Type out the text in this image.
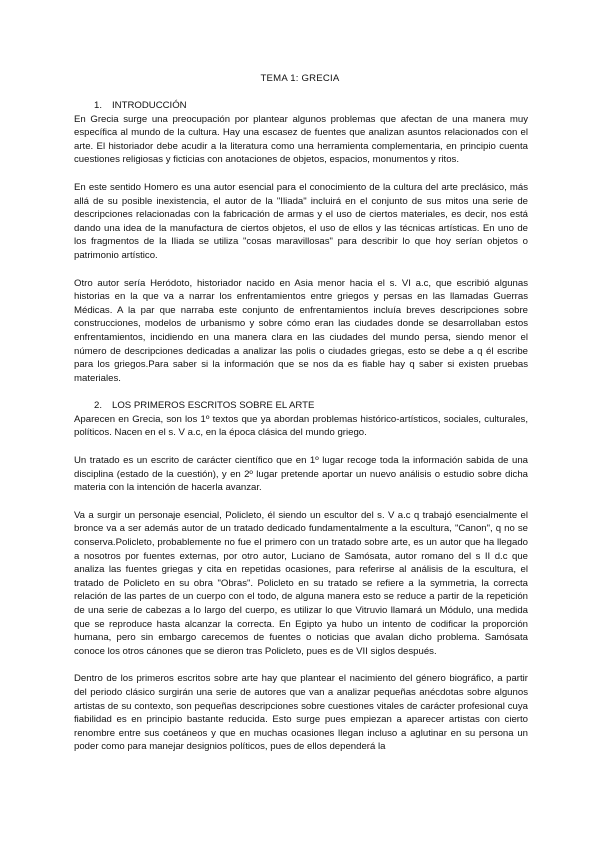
TEMA 1: GRECIA
1. INTRODUCCIÓN

En Grecia surge una preocupación por plantear algunos problemas que afectan de una manera muy específica al mundo de la cultura. Hay una escasez de fuentes que analizan asuntos relacionados con el arte. El historiador debe acudir a la literatura como una herramienta complementaria, en principio cuenta cuestiones religiosas y ficticias con anotaciones de objetos, espacios, monumentos y ritos.

En este sentido Homero es una autor esencial para el conocimiento de la cultura del arte preclásico, más allá de su posible inexistencia, el autor de la "Iliada" incluirá en el conjunto de sus mitos una serie de descripciones relacionadas con la fabricación de armas y el uso de ciertos materiales, es decir, nos está dando una idea de la manufactura de ciertos objetos, el uso de ellos y las técnicas artísticas. En uno de los fragmentos de la Iliada se utiliza "cosas maravillosas" para describir lo que hoy serían objetos o patrimonio artístico.

Otro autor sería Heródoto, historiador nacido en Asia menor hacia el s. VI a.c, que escribió algunas historias en la que va a narrar los enfrentamientos entre griegos y persas en las llamadas Guerras Médicas. A la par que narraba este conjunto de enfrentamientos incluía breves descripciones sobre construcciones, modelos de urbanismo y sobre cómo eran las ciudades donde se desarrollaban estos enfrentamientos, incidiendo en una manera clara en las ciudades del mundo persa, siendo menor el número de descripciones dedicadas a analizar las polis o ciudades griegas, esto se debe a q él escribe para los griegos.Para saber si la información que se nos da es fiable hay q saber si existen pruebas materiales.

2. LOS PRIMEROS ESCRITOS SOBRE EL ARTE

Aparecen en Grecia, son los 1º textos que ya abordan problemas histórico-artísticos, sociales, culturales, políticos. Nacen en el s. V a.c, en la época clásica del mundo griego.

Un tratado es un escrito de carácter científico que en 1º lugar recoge toda la información sabida de una disciplina (estado de la cuestión), y en 2º lugar pretende aportar un nuevo análisis o estudio sobre dicha materia con la intención de hacerla avanzar.

Va a surgir un personaje esencial, Policleto, él siendo un escultor del s. V a.c q trabajó esencialmente el bronce va a ser además autor de un tratado dedicado fundamentalmente a la escultura, "Canon", q no se conserva.Policleto, probablemente no fue el primero con un tratado sobre arte, es un autor que ha llegado a nosotros por fuentes externas, por otro autor, Luciano de Samósata, autor romano del s II d.c que analiza las fuentes griegas y cita en repetidas ocasiones, para referirse al análisis de la escultura, el tratado de Policleto en su obra "Obras". Policleto en su tratado se refiere a la symmetria, la correcta relación de las partes de un cuerpo con el todo, de alguna manera esto se reduce a partir de la repetición de una serie de cabezas a lo largo del cuerpo, es utilizar lo que Vitruvio llamará un Módulo, una medida que se reproduce hasta alcanzar la correcta. En Egipto ya hubo un intento de codificar la proporción humana, pero sin embargo carecemos de fuentes o noticias que avalan dicho problema. Samósata conoce los otros cánones que se dieron tras Policleto, pues es de VII siglos después.

Dentro de los primeros escritos sobre arte hay que plantear el nacimiento del género biográfico, a partir del periodo clásico surgirán una serie de autores que van a analizar pequeñas anécdotas sobre algunos artistas de su contexto, son pequeñas descripciones sobre cuestiones vitales de carácter profesional cuya fiabilidad es en principio bastante reducida. Esto surge pues empiezan a aparecer artistas con cierto renombre entre sus coetáneos y que en muchas ocasiones llegan incluso a aglutinar en su persona un poder como para manejar designios políticos, pues de ellos dependerá la
